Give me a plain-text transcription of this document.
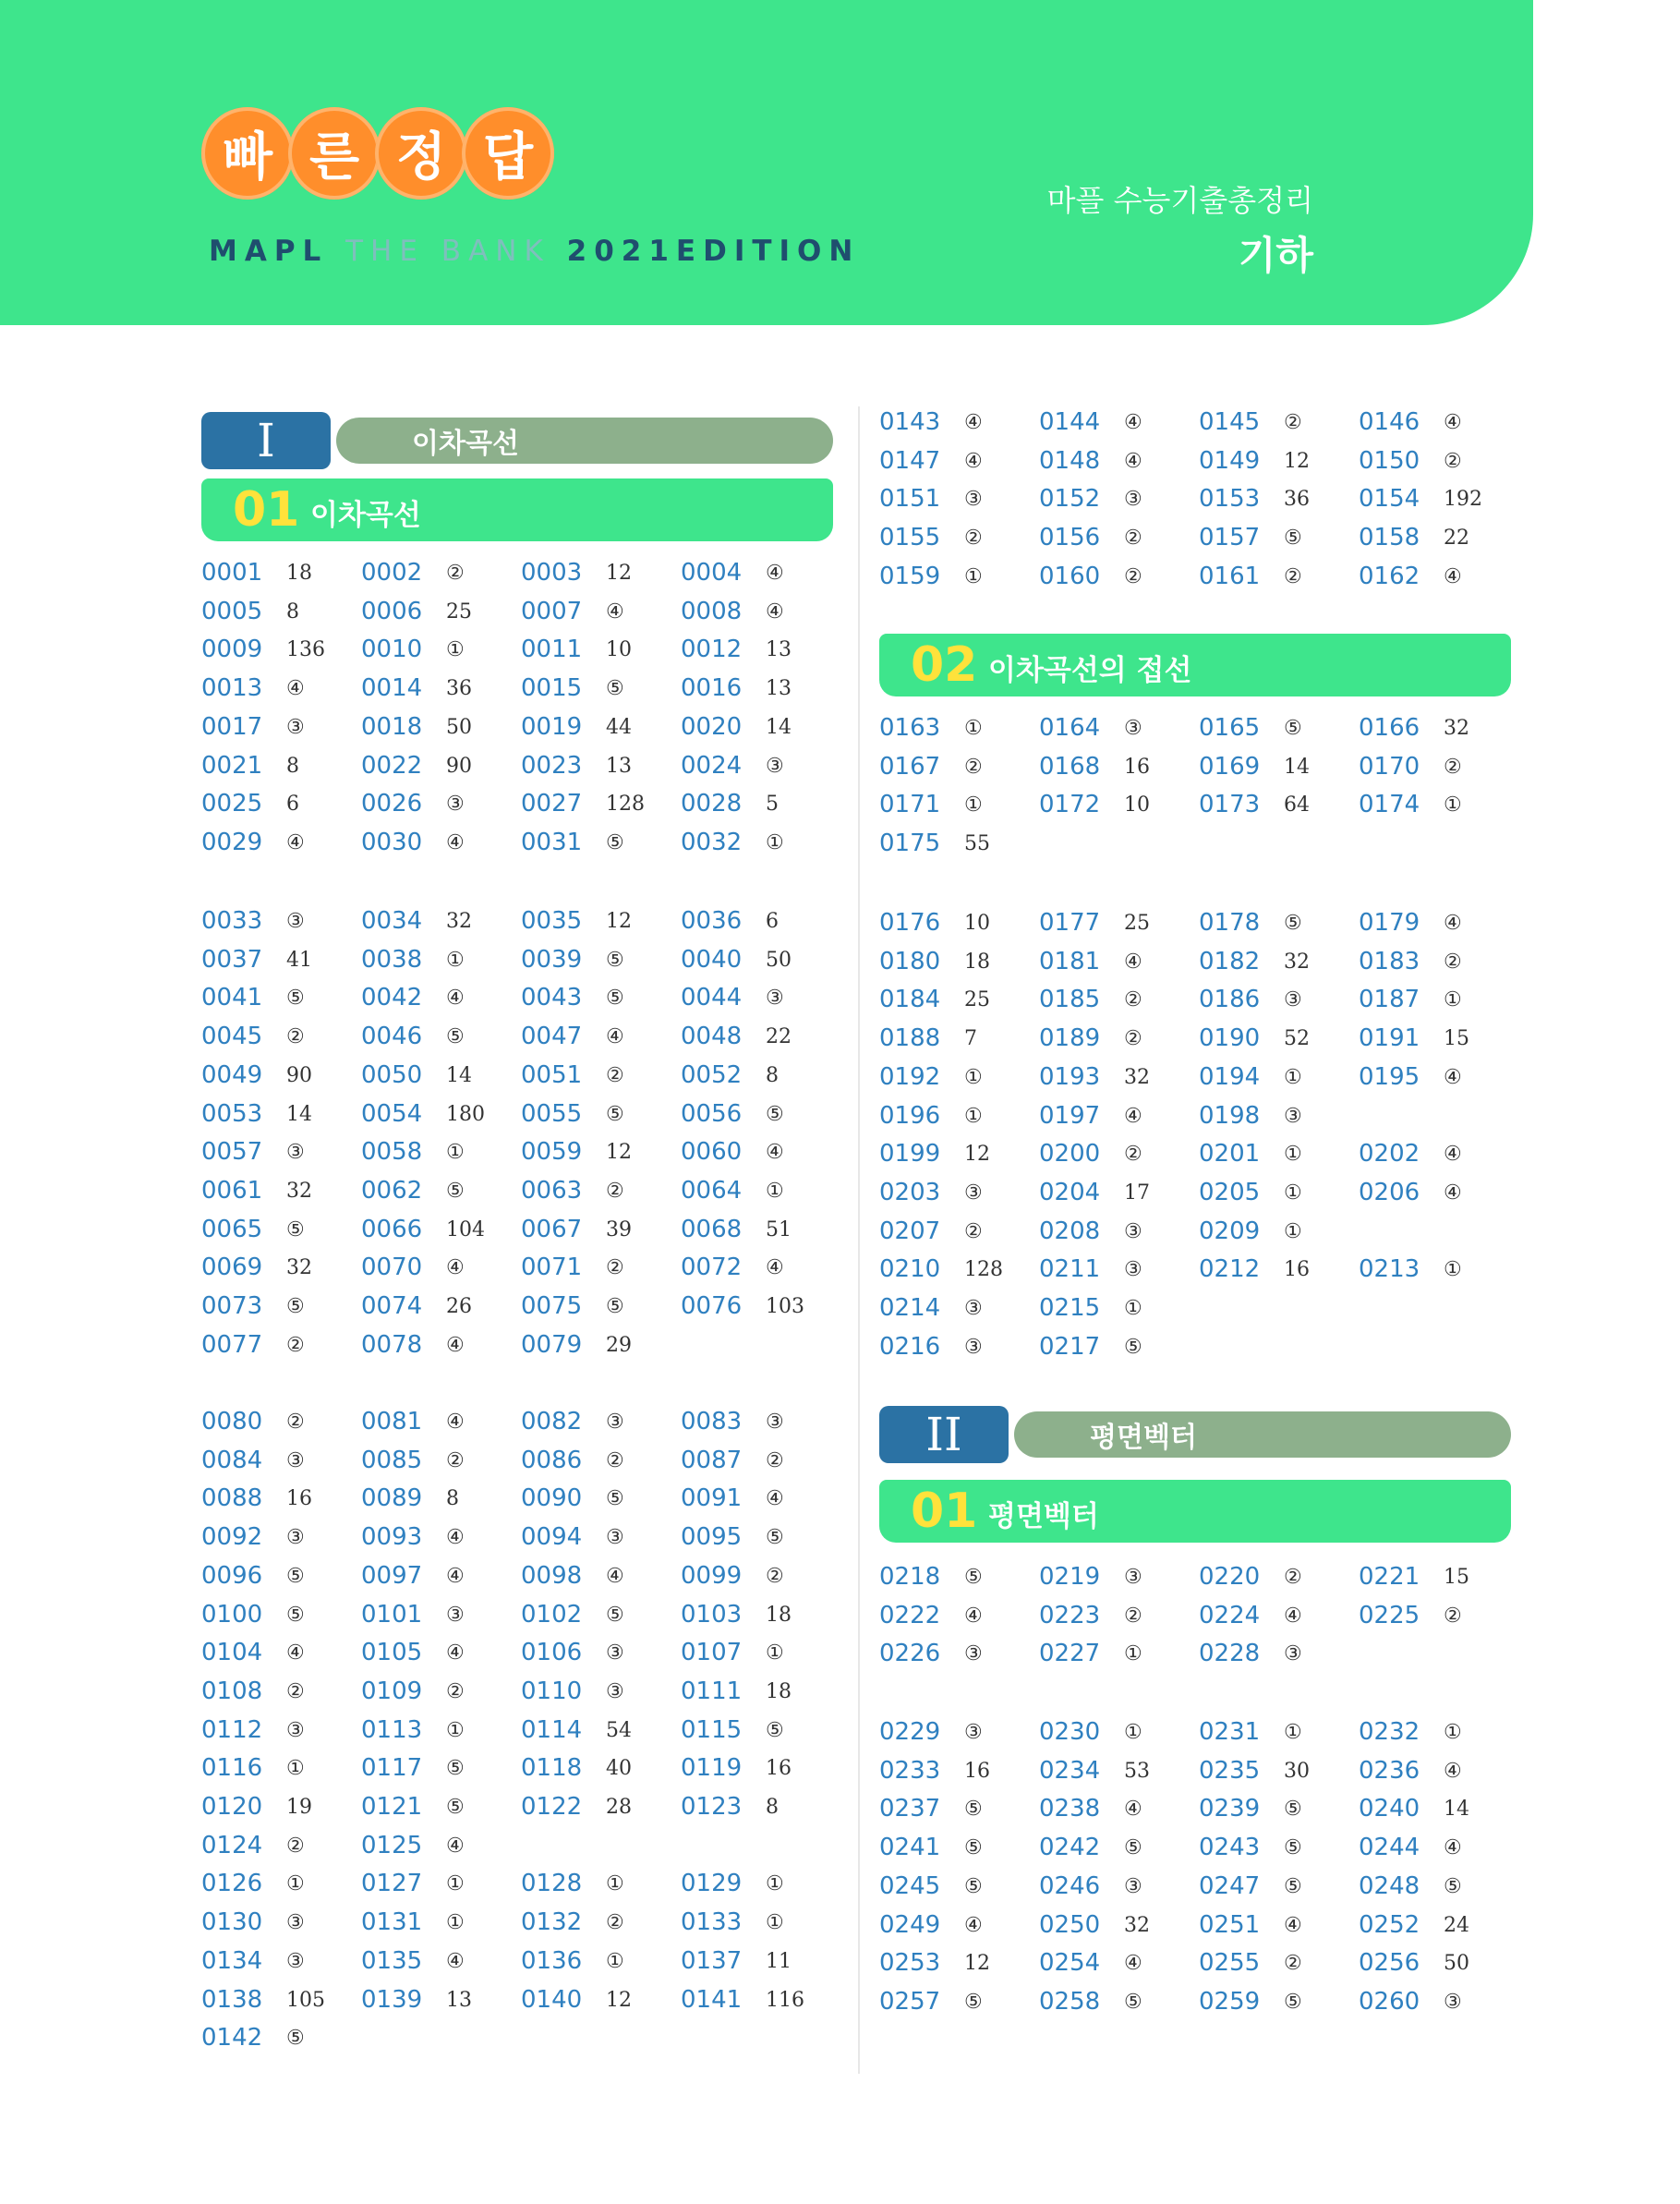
빠 른 정 답
MAPL THE BANK 2021EDITION
마플 수능기출총정리
기하
I	이차곡선
01 이차곡선
0001 18 0002 ② 0003 12 0004 ④
0005 8	0006 25 0007 ④ 0008 ④
0009 136 0010 ① 0011 10 0012 13
0013 ④ 0014 36 0015 ⑤ 0016 13
0017 ③ 0018 50 0019 44 0020 14
0021 8	0022 90 0023 13 0024 ③
0025 6	0026 ③ 0027 128 0028 5
0029 ④ 0030 ④ 0031 ⑤ 0032 ①
0033 ③ 0034 32 0035 12 0036 6
0037 41 0038 ① 0039 ⑤ 0040 50
0041 ⑤ 0042 ④ 0043 ⑤ 0044 ③
0045 ② 0046 ⑤ 0047 ④ 0048 22
0049 90 0050 14 0051 ② 0052 8
0053 14 0054 180 0055 ⑤ 0056 ⑤
0057 ③ 0058 ① 0059 12 0060 ④
0061 32 0062 ⑤ 0063 ② 0064 ①
0065 ⑤ 0066 104 0067 39 0068 51
0069 32 0070 ④ 0071 ② 0072 ④
0073 ⑤ 0074 26 0075 ⑤ 0076 103
0077 ② 0078 ④ 0079 29
0080 ② 0081 ④ 0082 ③ 0083 ③
0084 ③ 0085 ② 0086 ② 0087 ②
0088 16 0089 8	0090 ⑤ 0091 ④
0092 ③ 0093 ④ 0094 ③ 0095 ⑤
0096 ⑤ 0097 ④ 0098 ④ 0099 ②
0100 ⑤ 0101 ③ 0102 ⑤ 0103 18
0104 ④ 0105 ④ 0106 ③ 0107 ①
0108 ② 0109 ② 0110 ③ 0111 18
0112 ③ 0113 ① 0114 54 0115 ⑤
0116 ① 0117 ⑤ 0118 40 0119 16
0120 19 0121 ⑤ 0122 28 0123 8
0124 ② 0125 ④
0126 ① 0127 ① 0128 ① 0129 ①
0130 ③ 0131 ① 0132 ② 0133 ①
0134 ③ 0135 ④ 0136 ① 0137 11
0138 105 0139 13 0140 12 0141 116
0142 ⑤
0143 ④ 0144 ④ 0145 ② 0146 ④
0147 ④ 0148 ④ 0149 12 0150 ②
0151 ③ 0152 ③ 0153 36 0154 192
0155 ② 0156 ② 0157 ⑤ 0158 22
0159 ① 0160 ② 0161 ② 0162 ④
02 이차곡선의 접선
0163 ① 0164 ③ 0165 ⑤ 0166 32
0167 ② 0168 16 0169 14 0170 ②
0171 ① 0172 10 0173 64 0174 ①
0175 55
0176 10 0177 25 0178 ⑤ 0179 ④
0180 18 0181 ④ 0182 32 0183 ②
0184 25 0185 ② 0186 ③ 0187 ①
0188 7	0189 ② 0190 52 0191 15
0192 ① 0193 32 0194 ① 0195 ④
0196 ① 0197 ④ 0198 ③
0199 12 0200 ② 0201 ① 0202 ④
0203 ③ 0204 17 0205 ① 0206 ④
0207 ② 0208 ③ 0209 ①
0210 128 0211 ③ 0212 16 0213 ①
0214 ③ 0215 ①
0216 ③ 0217 ⑤
II	평면벡터
01 평면벡터
0218 ⑤ 0219 ③ 0220 ② 0221 15
0222 ④ 0223 ② 0224 ④ 0225 ②
0226 ③ 0227 ① 0228 ③
0229 ③ 0230 ① 0231 ① 0232 ①
0233 16 0234 53 0235 30 0236 ④
0237 ⑤ 0238 ④ 0239 ⑤ 0240 14
0241 ⑤ 0242 ⑤ 0243 ⑤ 0244 ④
0245 ⑤ 0246 ③ 0247 ⑤ 0248 ⑤
0249 ④ 0250 32 0251 ④ 0252 24
0253 12 0254 ④ 0255 ② 0256 50
0257 ⑤ 0258 ⑤ 0259 ⑤ 0260 ③
